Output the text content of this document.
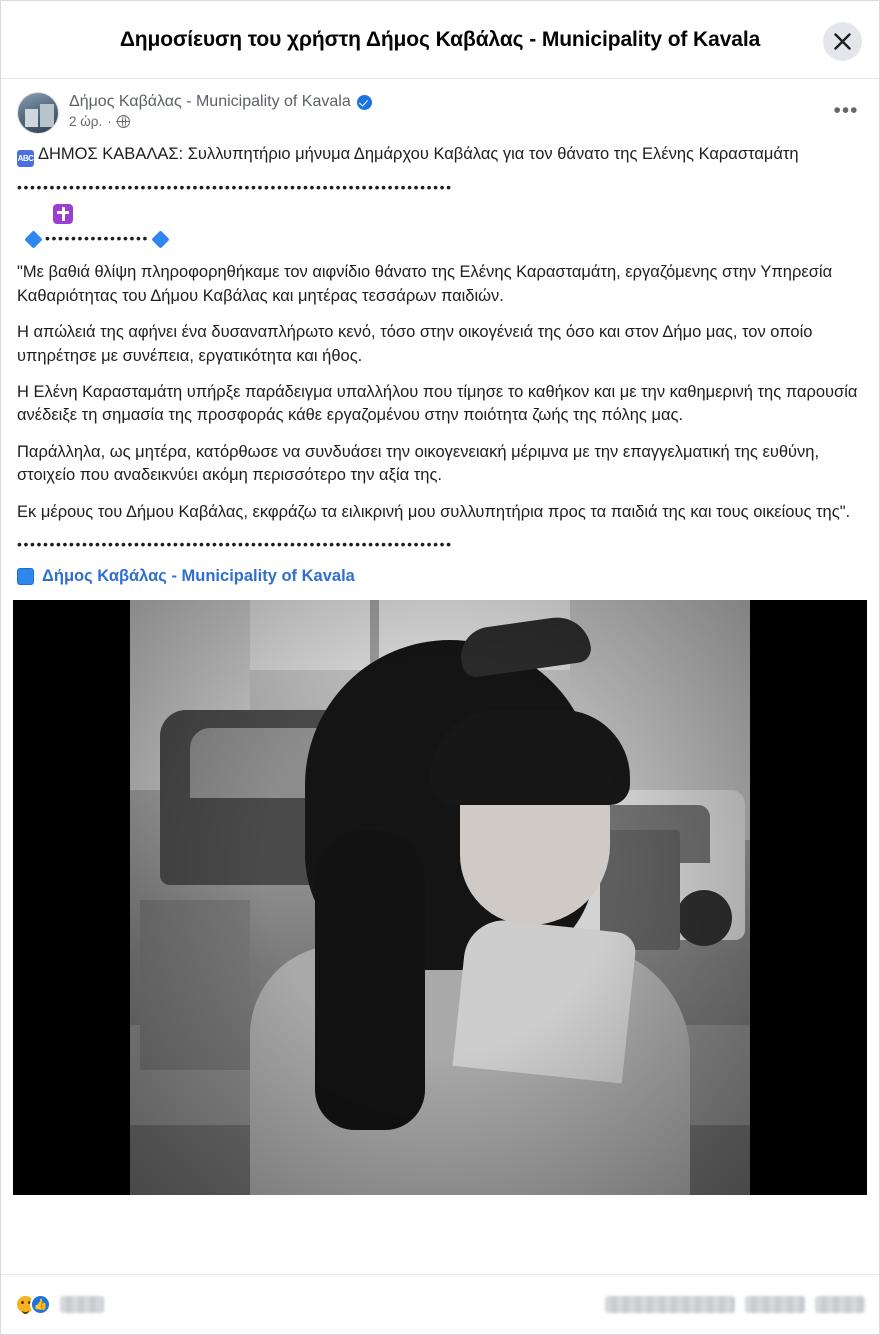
Δημοσίευση του χρήστη Δήμος Καβάλας - Municipality of Kavala
Δήμος Καβάλας - Municipality of Kavala
2 ώρ. ·	•••

ABC ΔΗΜΟΣ ΚΑΒΑΛΑΣ: Συλλυπητήριο μήνυμα Δημάρχου Καβάλας για τον θάνατο της Ελένης Καρασταμάτη

•••••••••••••••••••••••••••••••••••••••••••••••••••••••••••••••••••
••••••••••••••••

"Με βαθιά θλίψη πληροφορηθήκαμε τον αιφνίδιο θάνατο της Ελένης Καρασταμάτη, εργαζόμενης στην Υπηρεσία Καθαριότητας του Δήμου Καβάλας και μητέρας τεσσάρων παιδιών.

Η απώλειά της αφήνει ένα δυσαναπλήρωτο κενό, τόσο στην οικογένειά της όσο και στον Δήμο μας, τον οποίο υπηρέτησε με συνέπεια, εργατικότητα και ήθος.

Η Ελένη Καρασταμάτη υπήρξε παράδειγμα υπαλλήλου που τίμησε το καθήκον και με την καθημερινή της παρουσία ανέδειξε τη σημασία της προσφοράς κάθε εργαζομένου στην ποιότητα ζωής της πόλης μας.

Παράλληλα, ως μητέρα, κατόρθωσε να συνδυάσει την οικογενειακή μέριμνα με την επαγγελματική της ευθύνη, στοιχείο που αναδεικνύει ακόμη περισσότερο την αξία της.

Εκ μέρους του Δήμου Καβάλας, εκφράζω τα ειλικρινή μου συλλυπητήρια προς τα παιδιά της και τους οικείους της".

•••••••••••••••••••••••••••••••••••••••••••••••••••••••••••••••••••
Δήμος Καβάλας - Municipality of Kavala
👍
